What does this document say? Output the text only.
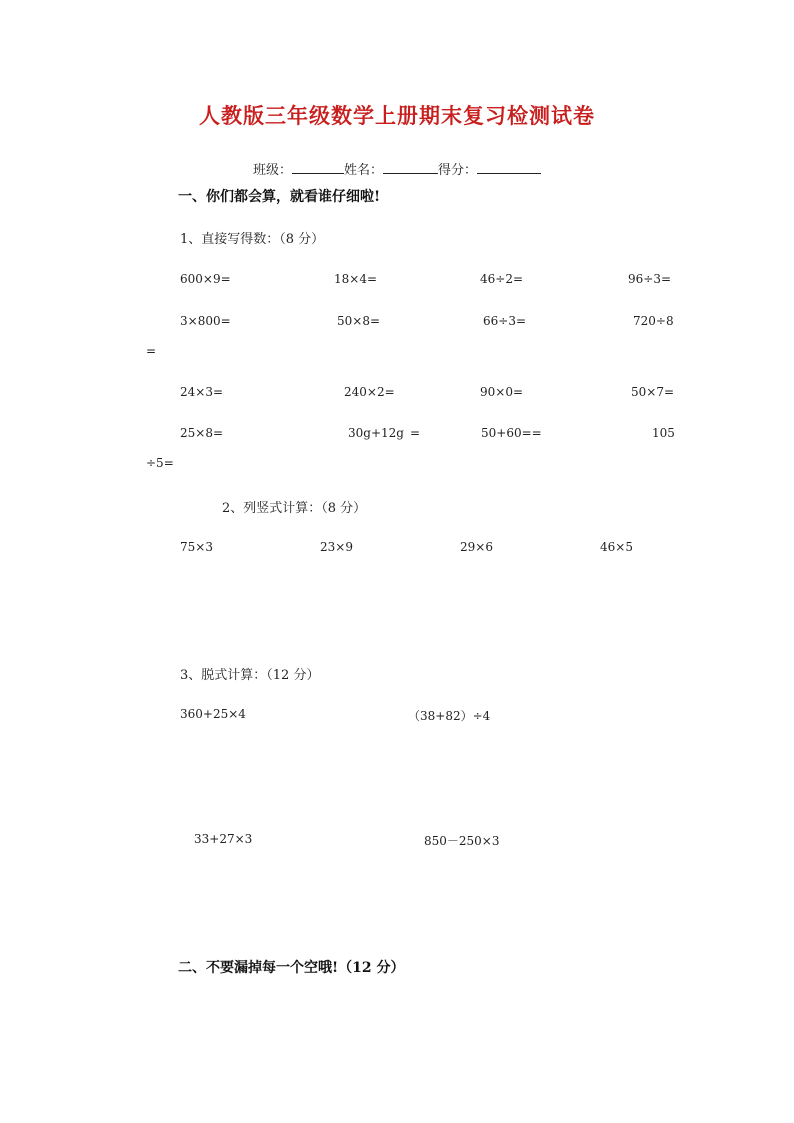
人教版三年级数学上册期末复习检测试卷
班级：	姓名：	得分：
一、你们都会算，就看谁仔细啦!
1、直接写得数：（8 分）
600×9=	18×4=	46÷2=	96÷3=
3×800=	50×8=	66÷3=	720÷8
=
24×3=	240×2=	90×0=	50×7=
25×8=	30g+12g =	50+60==	105
÷5=
2、列竖式计算：（8 分）
75×3	23×9	29×6	46×5
3、脱式计算：（12 分）
360+25×4	（38+82）÷4
33+27×3	850－250×3
二、不要漏掉每一个空哦!（12 分）
